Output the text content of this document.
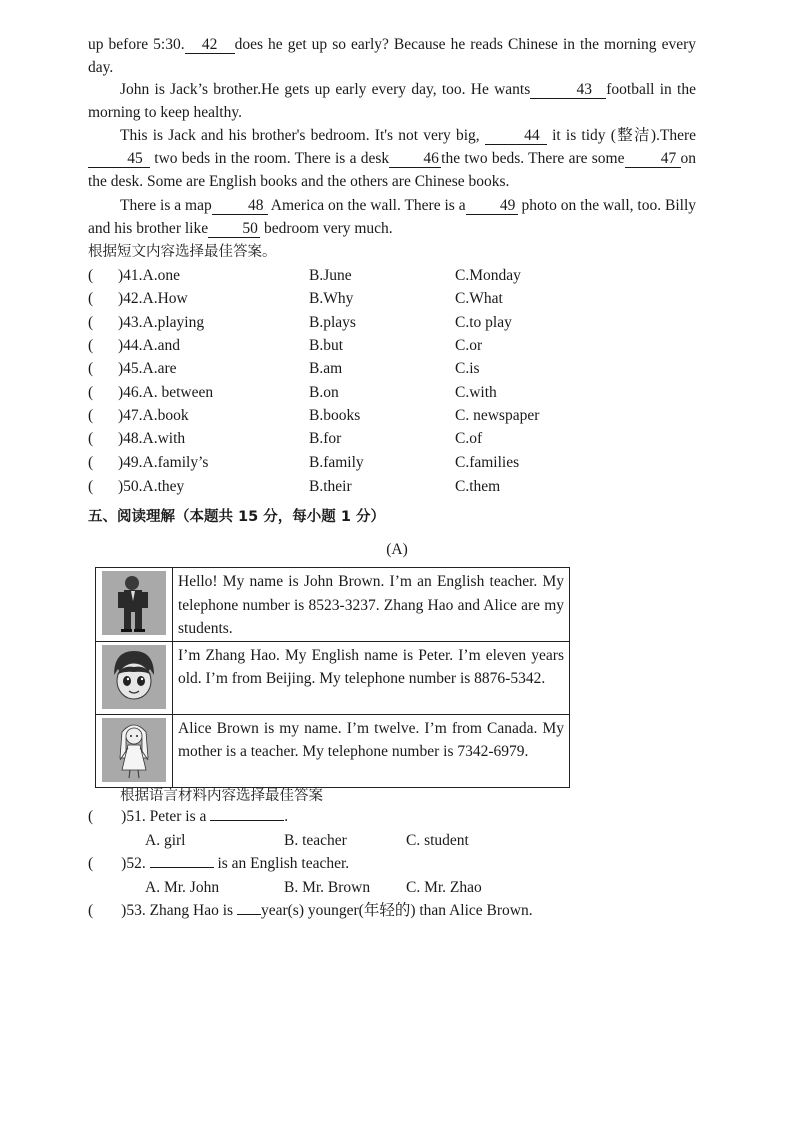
up before 5:30. 42 does he get up so early? Because he reads Chinese in the morning every day.
John is Jack’s brother.He gets up early every day, too. He wants	43 football in the morning to keep healthy.
This is Jack and his brother's bedroom. It's not very big,	44 it is tidy (整洁).There45 two beds in the room. There is a desk 46 the two beds. There are some 47 on the desk. Some are English books and the others are Chinese books.
There is a map 48 America on the wall. There is a 49 photo on the wall, too. Billy and his brother like 50 bedroom very much.
根据短文内容选择最佳答案。
( )41.A.one	B.June	C.Monday
( )42.A.How	B.Why	C.What
( )43.A.playing	B.plays	C.to play
( )44.A.and	B.but	C.or
( )45.A.are	B.am	C.is
( )46.A. between	B.on	C.with
( )47.A.book	B.books	C. newspaper
( )48.A.with	B.for	C.of
( )49.A.family’s	B.family	C.families
( )50.A.they	B.their	C.them
五、阅读理解（本题共 15 分，每小题 1 分）
(A)
	Hello! My name is John Brown. I’m an English teacher. My telephone number is 8523-3237. Zhang Hao and Alice are my students.

	I’m Zhang Hao. My English name is Peter. I’m eleven years old. I’m from Beijing. My telephone number is 8876-5342.

	Alice Brown is my name. I’m twelve. I’m from Canada. My mother is a teacher. My telephone number is 7342-6979.
根据语言材料内容选择最佳答案
( )51. Peter is a	.
A. girl	B. teacher	C. student
( )52.	is an English teacher.
A. Mr. John	B. Mr. Brown C. Mr. Zhao
( )53. Zhang Hao is year(s) younger(年轻的) than Alice Brown.
